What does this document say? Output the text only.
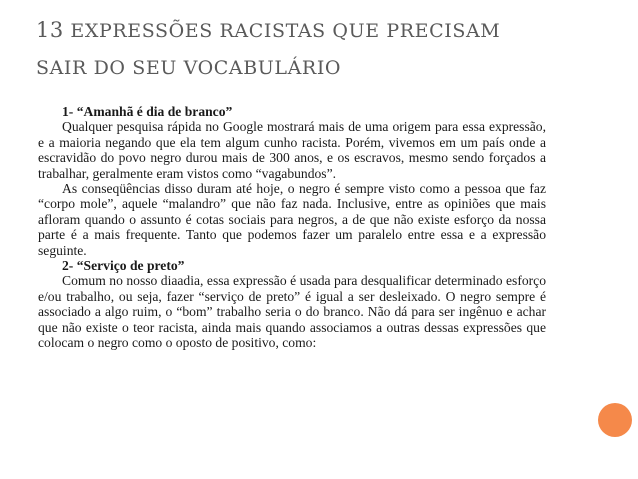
13 EXPRESSÕES RACISTAS QUE PRECISAM
SAIR DO SEU VOCABULÁRIO

1- “Amanhã é dia de branco”

Qualquer pesquisa rápida no Google mostrará mais de uma origem para essa expressão, e a maioria negando que ela tem algum cunho racista. Porém, vivemos em um país onde a escravidão do povo negro durou mais de 300 anos, e os escravos, mesmo sendo forçados a trabalhar, geralmente eram vistos como “vagabundos”.

As conseqüências disso duram até hoje, o negro é sempre visto como a pessoa que faz “corpo mole”, aquele “malandro” que não faz nada. Inclusive, entre as opiniões que mais afloram quando o assunto é cotas sociais para negros, a de que não existe esforço da nossa parte é a mais frequente. Tanto que podemos fazer um paralelo entre essa e a expressão seguinte.

2- “Serviço de preto”

Comum no nosso diaadia, essa expressão é usada para desqualificar determinado esforço e/ou trabalho, ou seja, fazer “serviço de preto” é igual a ser desleixado. O negro sempre é associado a algo ruim, o “bom” trabalho seria o do branco. Não dá para ser ingênuo e achar que não existe o teor racista, ainda mais quando associamos a outras dessas expressões que colocam o negro como o oposto de positivo, como:
